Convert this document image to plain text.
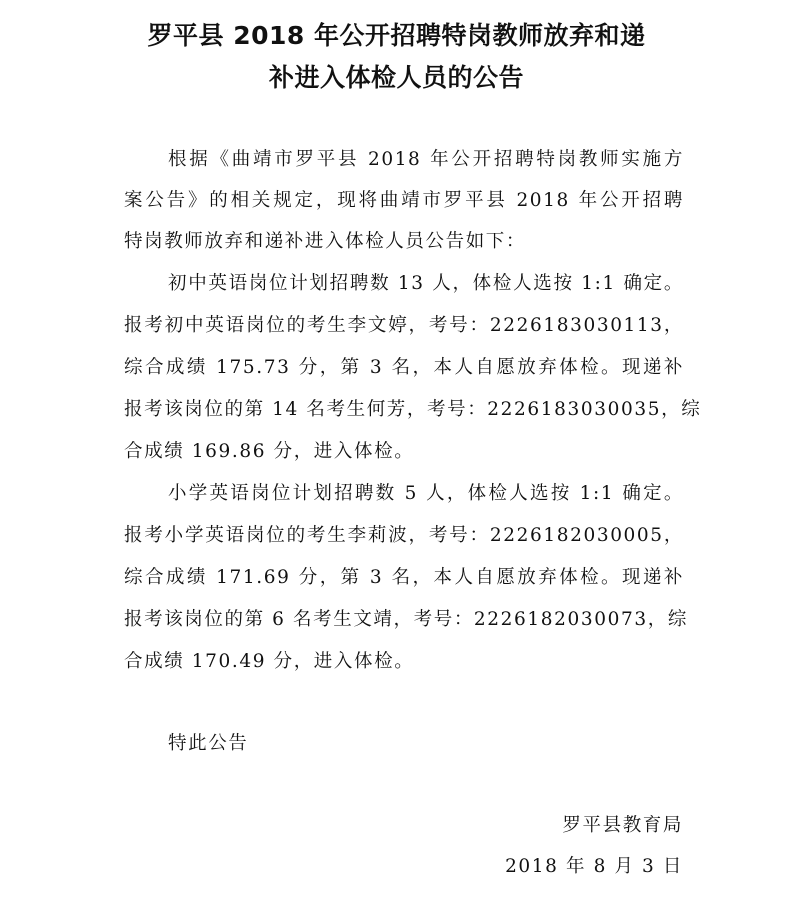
罗平县 2018 年公开招聘特岗教师放弃和递
补进入体检人员的公告
根据《曲靖市罗平县 2018 年公开招聘特岗教师实施方
案公告》的相关规定，现将曲靖市罗平县 2018 年公开招聘
特岗教师放弃和递补进入体检人员公告如下：
初中英语岗位计划招聘数 13 人，体检人选按 1:1 确定。
报考初中英语岗位的考生李文婷，考号：2226183030113，
综合成绩 175.73 分，第 3 名，本人自愿放弃体检。现递补
报考该岗位的第 14 名考生何芳，考号：2226183030035，综
合成绩 169.86 分，进入体检。
小学英语岗位计划招聘数 5 人，体检人选按 1:1 确定。
报考小学英语岗位的考生李莉波，考号：2226182030005，
综合成绩 171.69 分，第 3 名，本人自愿放弃体检。现递补
报考该岗位的第 6 名考生文靖，考号：2226182030073，综
合成绩 170.49 分，进入体检。
特此公告
罗平县教育局
2018 年 8 月 3 日
